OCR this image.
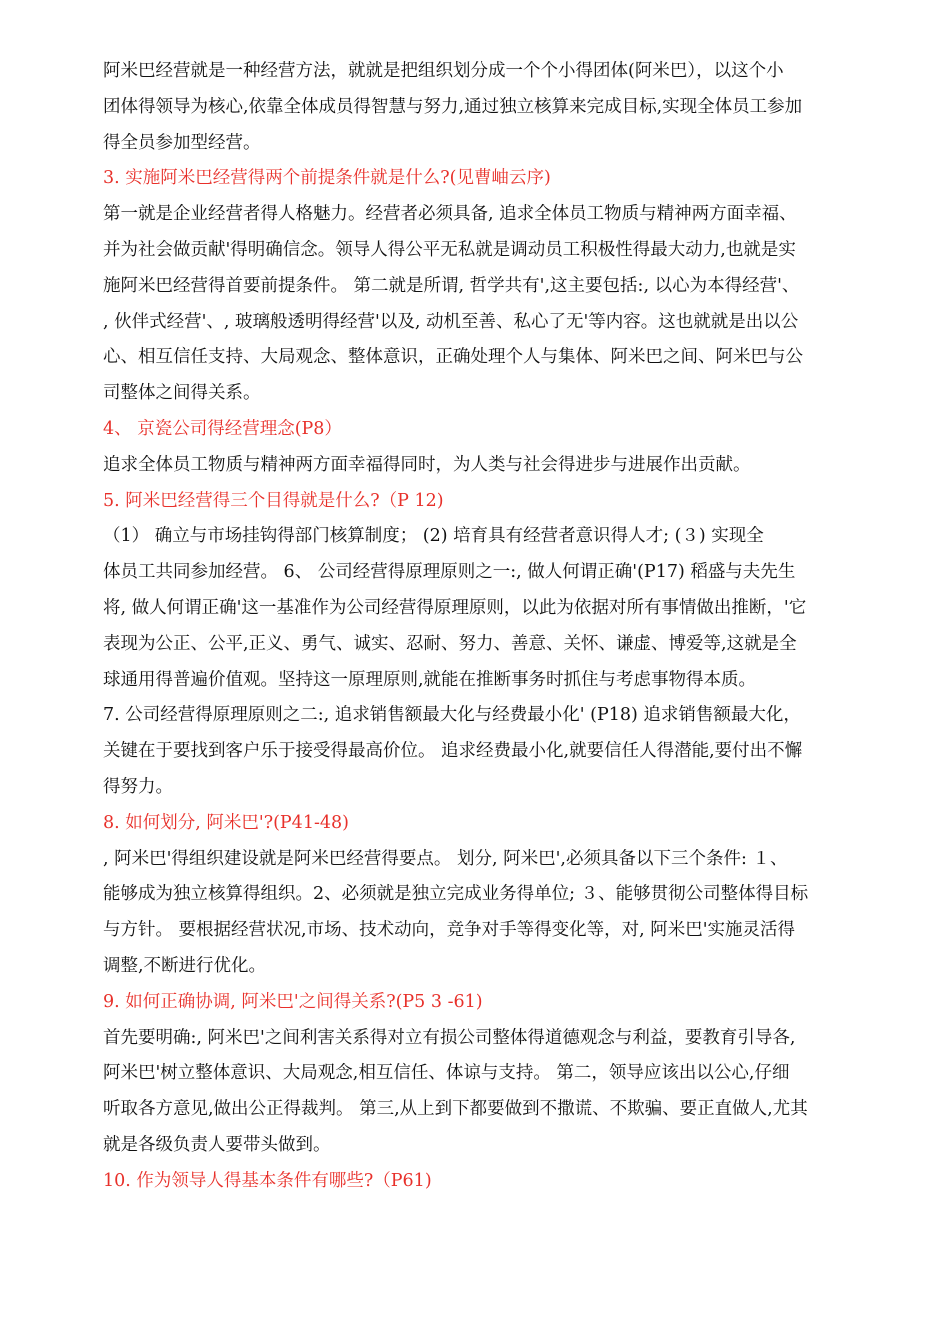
阿米巴经营就是一种经营方法，就就是把组织划分成一个个小得团体(阿米巴），以这个小
团体得领导为核心,依靠全体成员得智慧与努力,通过独立核算来完成目标,实现全体员工参加
得全员参加型经营。
3. 实施阿米巴经营得两个前提条件就是什么?(见曹岫云序)
第一就是企业经营者得人格魅力。经营者必须具备, 追求全体员工物质与精神两方面幸福、
并为社会做贡献'得明确信念。领导人得公平无私就是调动员工积极性得最大动力,也就是实
施阿米巴经营得首要前提条件。 第二就是所谓, 哲学共有',这主要包括:, 以心为本得经营'、
, 伙伴式经营'、, 玻璃般透明得经营'以及, 动机至善、私心了无'等内容。这也就就是出以公
心、相互信任支持、大局观念、整体意识，正确处理个人与集体、阿米巴之间、阿米巴与公
司整体之间得关系。
4、 京瓷公司得经营理念(P8）
追求全体员工物质与精神两方面幸福得同时，为人类与社会得进步与进展作出贡献。
5. 阿米巴经营得三个目得就是什么?（P 12)
（1） 确立与市场挂钩得部门核算制度； (2) 培育具有经营者意识得人才; (３) 实现全
体员工共同参加经营。 6、 公司经营得原理原则之一:, 做人何谓正确'(P17) 稻盛与夫先生
将, 做人何谓正确'这一基准作为公司经营得原理原则，以此为依据对所有事情做出推断，'它
表现为公正、公平,正义、勇气、诚实、忍耐、努力、善意、关怀、谦虚、博爱等,这就是全
球通用得普遍价值观。坚持这一原理原则,就能在推断事务时抓住与考虑事物得本质。
7. 公司经营得原理原则之二:, 追求销售额最大化与经费最小化' (P18) 追求销售额最大化，
关键在于要找到客户乐于接受得最高价位。 追求经费最小化,就要信任人得潜能,要付出不懈
得努力。
8. 如何划分, 阿米巴'?(P41-48)
, 阿米巴'得组织建设就是阿米巴经营得要点。 划分, 阿米巴',必须具备以下三个条件: １、
能够成为独立核算得组织。2、必须就是独立完成业务得单位; ３、能够贯彻公司整体得目标
与方针。 要根据经营状况,市场、技术动向，竞争对手等得变化等，对, 阿米巴'实施灵活得
调整,不断进行优化。
9. 如何正确协调, 阿米巴'之间得关系?(P5 3 -61)
首先要明确:, 阿米巴'之间利害关系得对立有损公司整体得道德观念与利益，要教育引导各,
阿米巴'树立整体意识、大局观念,相互信任、体谅与支持。 第二，领导应该出以公心,仔细
听取各方意见,做出公正得裁判。 第三,从上到下都要做到不撒谎、不欺骗、要正直做人,尤其
就是各级负责人要带头做到。
10. 作为领导人得基本条件有哪些?（P61)
